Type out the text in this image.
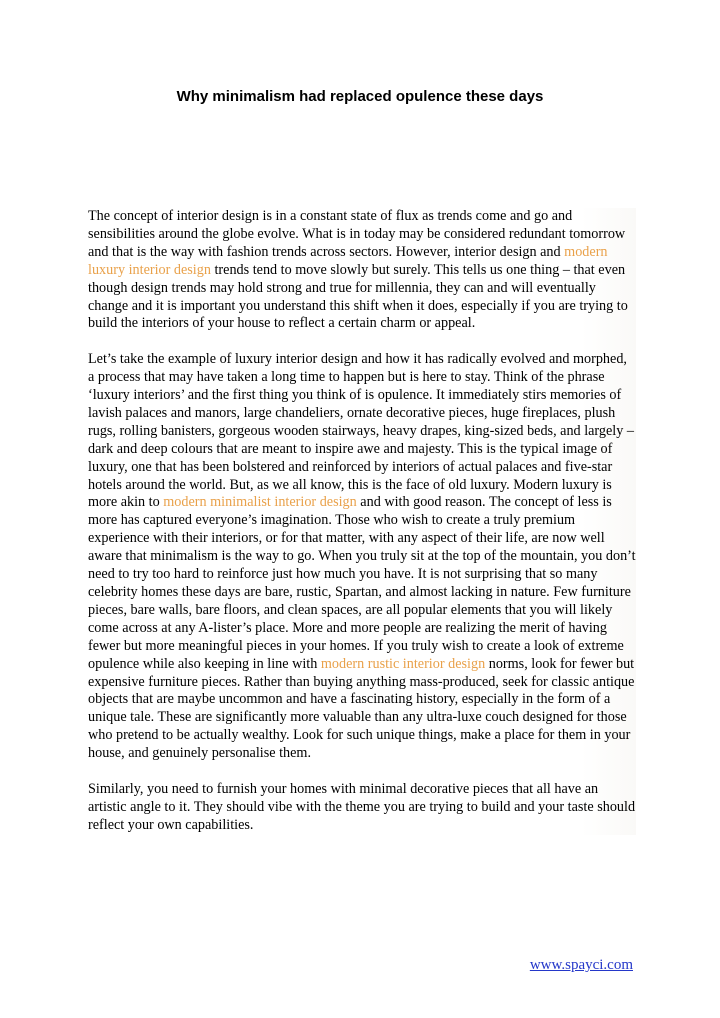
Why minimalism had replaced opulence these days

The concept of interior design is in a constant state of flux as trends come and go and sensibilities around the globe evolve. What is in today may be considered redundant tomorrow and that is the way with fashion trends across sectors. However, interior design and modern luxury interior design trends tend to move slowly but surely. This tells us one thing – that even though design trends may hold strong and true for millennia, they can and will eventually change and it is important you understand this shift when it does, especially if you are trying to build the interiors of your house to reflect a certain charm or appeal.

Let’s take the example of luxury interior design and how it has radically evolved and morphed, a process that may have taken a long time to happen but is here to stay. Think of the phrase ‘luxury interiors’ and the first thing you think of is opulence. It immediately stirs memories of lavish palaces and manors, large chandeliers, ornate decorative pieces, huge fireplaces, plush rugs, rolling banisters, gorgeous wooden stairways, heavy drapes, king-sized beds, and largely – dark and deep colours that are meant to inspire awe and majesty. This is the typical image of luxury, one that has been bolstered and reinforced by interiors of actual palaces and five-star hotels around the world. But, as we all know, this is the face of old luxury. Modern luxury is more akin to modern minimalist interior design and with good reason. The concept of less is more has captured everyone’s imagination. Those who wish to create a truly premium experience with their interiors, or for that matter, with any aspect of their life, are now well aware that minimalism is the way to go. When you truly sit at the top of the mountain, you don’t need to try too hard to reinforce just how much you have. It is not surprising that so many celebrity homes these days are bare, rustic, Spartan, and almost lacking in nature. Few furniture pieces, bare walls, bare floors, and clean spaces, are all popular elements that you will likely come across at any A-lister’s place. More and more people are realizing the merit of having fewer but more meaningful pieces in your homes. If you truly wish to create a look of extreme opulence while also keeping in line with modern rustic interior design norms, look for fewer but expensive furniture pieces. Rather than buying anything mass-produced, seek for classic antique objects that are maybe uncommon and have a fascinating history, especially in the form of a unique tale. These are significantly more valuable than any ultra-luxe couch designed for those who pretend to be actually wealthy. Look for such unique things, make a place for them in your house, and genuinely personalise them.

Similarly, you need to furnish your homes with minimal decorative pieces that all have an artistic angle to it. They should vibe with the theme you are trying to build and your taste should reflect your own capabilities.

www.spayci.com
